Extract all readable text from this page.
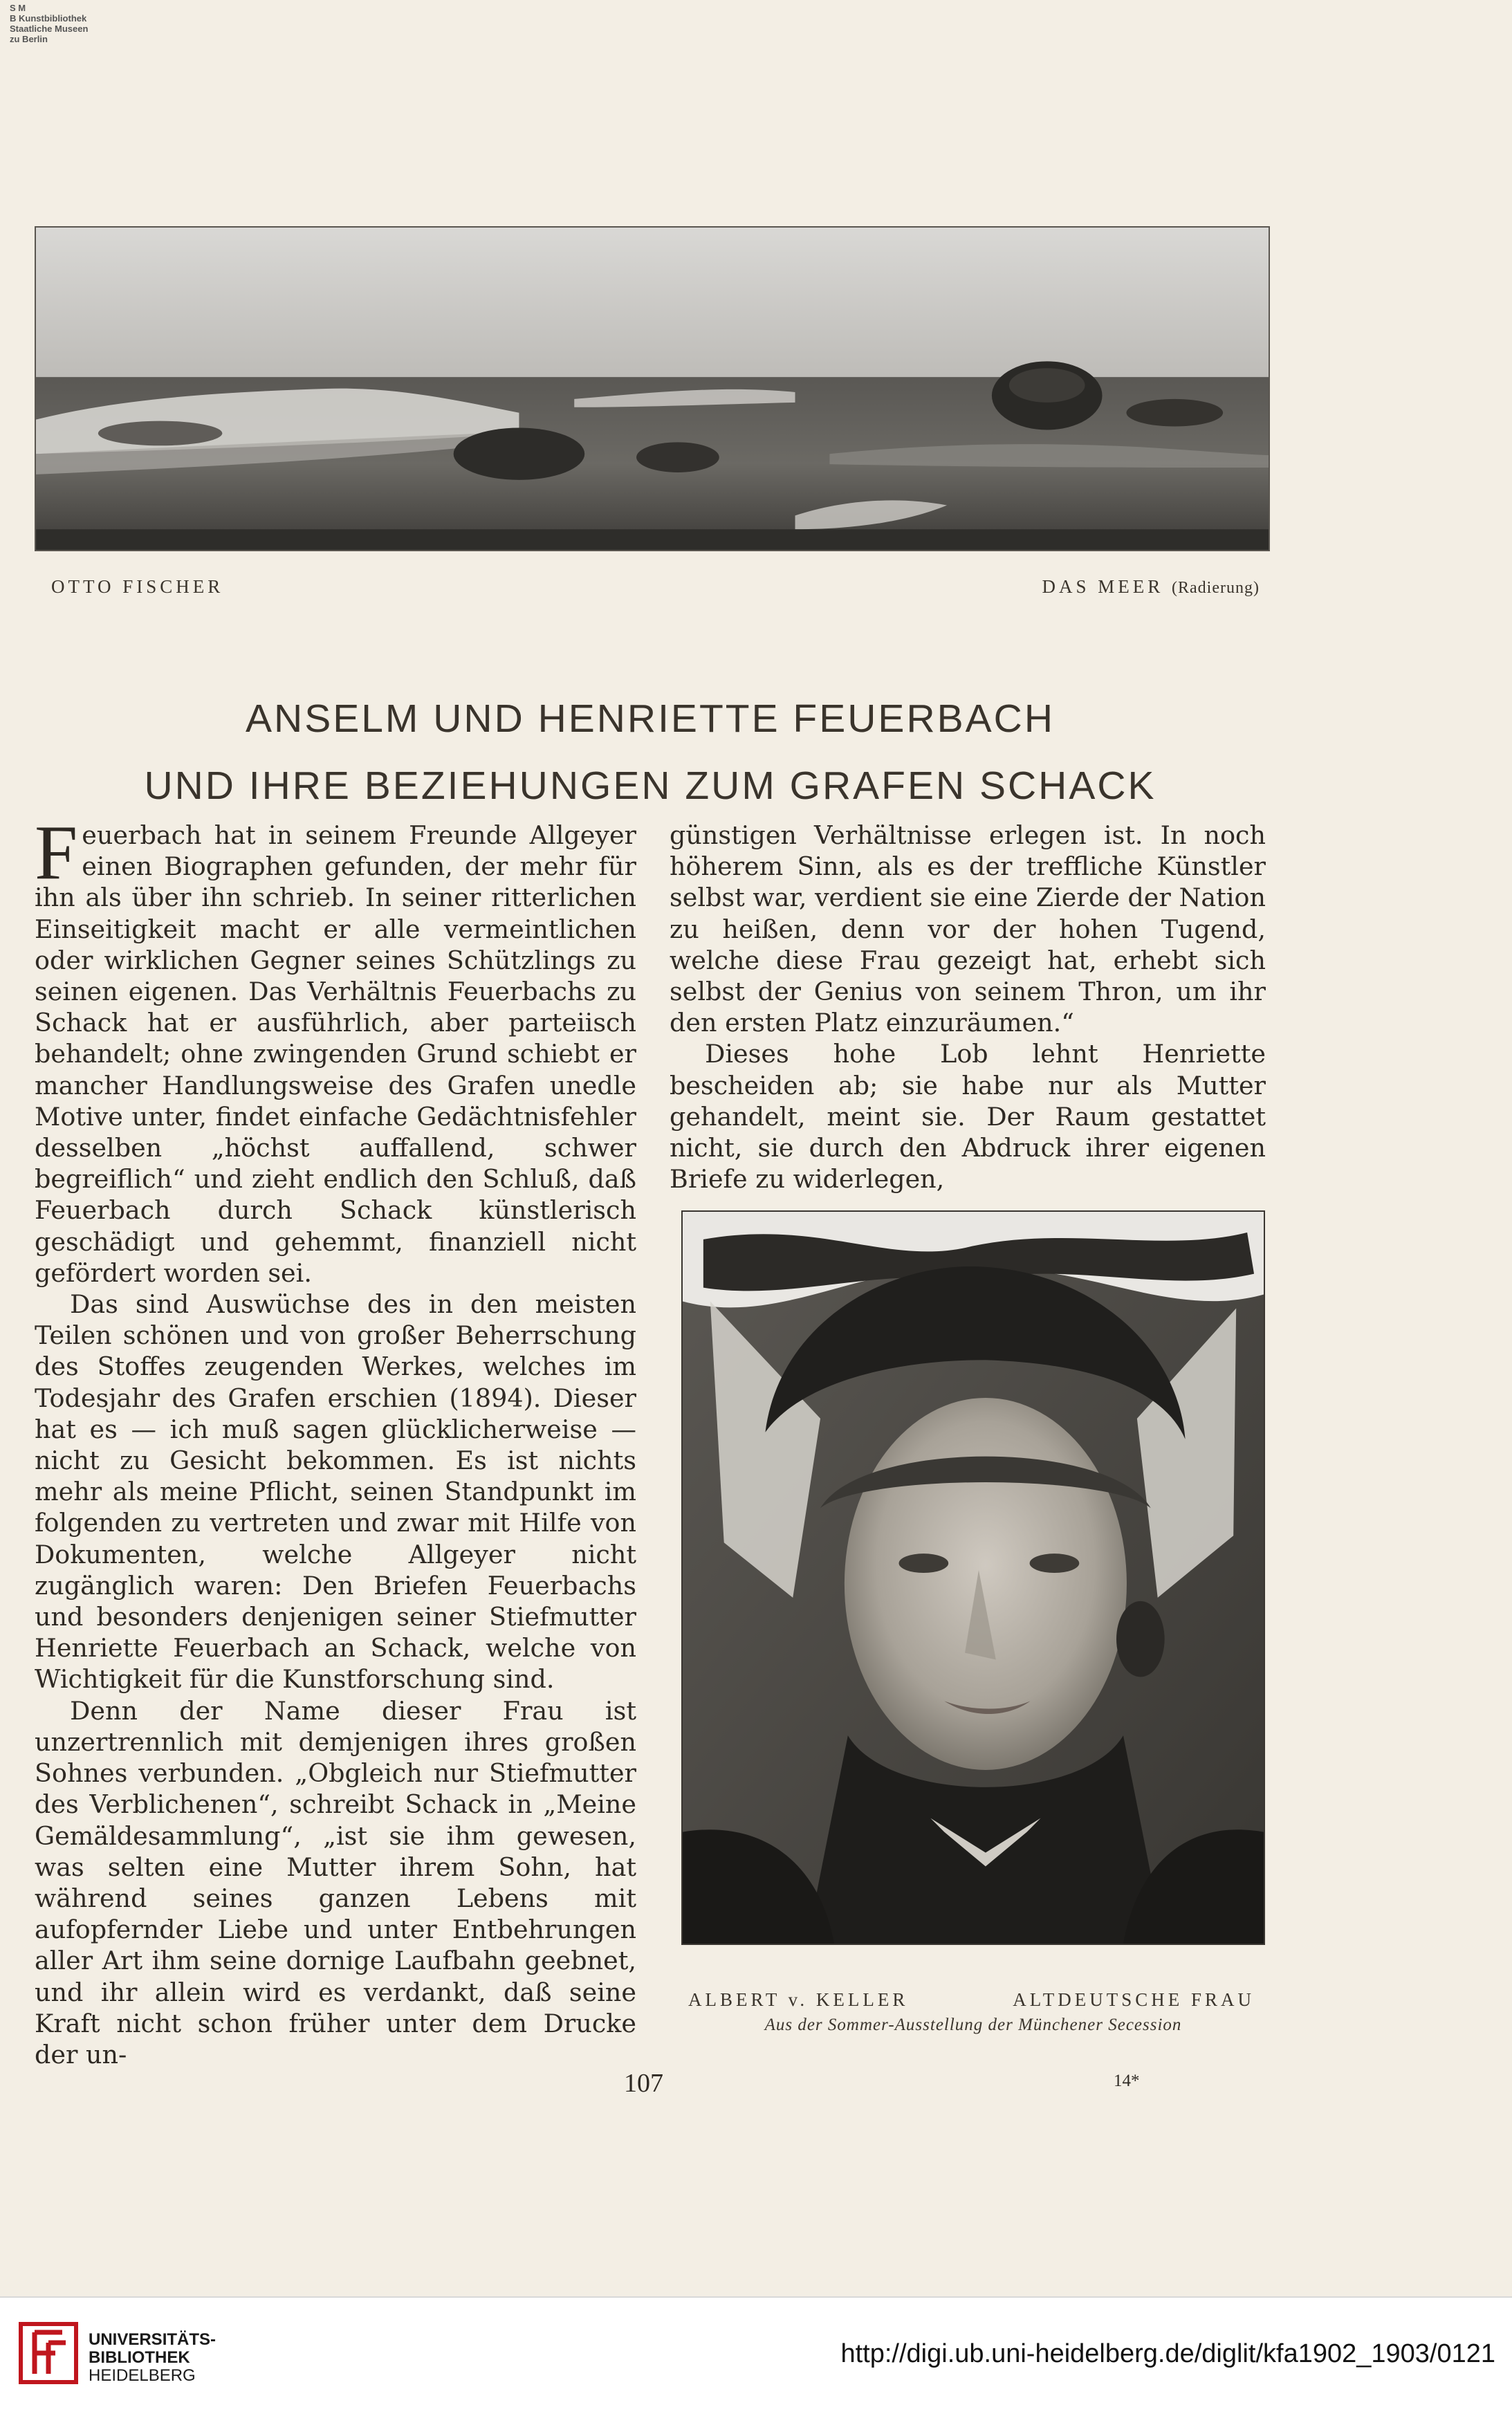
S M
B Kunstbibliothek
Staatliche Museen
zu Berlin
OTTO FISCHER	DAS MEER (Radierung)
ANSELM UND HENRIETTE FEUERBACH
UND IHRE BEZIEHUNGEN ZUM GRAFEN SCHACK

Feuerbach hat in seinem Freunde Allgeyer einen Biographen gefunden, der mehr für ihn als über ihn schrieb. In seiner ritterlichen Einseitigkeit macht er alle vermeintlichen oder wirklichen Gegner seines Schützlings zu seinen eigenen. Das Verhältnis Feuerbachs zu Schack hat er ausführlich, aber parteiisch behandelt; ohne zwingenden Grund schiebt er mancher Handlungsweise des Grafen unedle Motive unter, findet einfache Gedächtnisfehler desselben „höchst auffallend, schwer begreiflich“ und zieht endlich den Schluß, daß Feuerbach durch Schack künstlerisch geschädigt und gehemmt, finanziell nicht gefördert worden sei.

Das sind Auswüchse des in den meisten Teilen schönen und von großer Beherrschung des Stoffes zeugenden Werkes, welches im Todesjahr des Grafen erschien (1894). Dieser hat es — ich muß sagen glücklicherweise — nicht zu Gesicht bekommen. Es ist nichts mehr als meine Pflicht, seinen Standpunkt im folgenden zu vertreten und zwar mit Hilfe von Dokumenten, welche Allgeyer nicht zugänglich waren: Den Briefen Feuerbachs und besonders denjenigen seiner Stiefmutter Henriette Feuerbach an Schack, welche von Wichtigkeit für die Kunstforschung sind.

Denn der Name dieser Frau ist unzertrennlich mit demjenigen ihres großen Sohnes verbunden. „Obgleich nur Stiefmutter des Verblichenen“, schreibt Schack in „Meine Gemäldesammlung“, „ist sie ihm gewesen, was selten eine Mutter ihrem Sohn, hat während seines ganzen Lebens mit aufopfernder Liebe und unter Entbehrungen aller Art ihm seine dornige Laufbahn geebnet, und ihr allein wird es verdankt, daß seine Kraft nicht schon früher unter dem Drucke der un-

günstigen Verhältnisse erlegen ist. In noch höherem Sinn, als es der treffliche Künstler selbst war, verdient sie eine Zierde der Nation zu heißen, denn vor der hohen Tugend, welche diese Frau gezeigt hat, erhebt sich selbst der Genius von seinem Thron, um ihr den ersten Platz einzuräumen.“

Dieses hohe Lob lehnt Henriette bescheiden ab; sie habe nur als Mutter gehandelt, meint sie. Der Raum gestattet nicht, sie durch den Abdruck ihrer eigenen Briefe zu widerlegen,

ALBERT v. KELLER	ALTDEUTSCHE FRAU
Aus der Sommer-Ausstellung der Münchener Secession
107	14*
UNIVERSITÄTS-
BIBLIOTHEK
HEIDELBERG
http://digi.ub.uni-heidelberg.de/diglit/kfa1902_1903/0121
